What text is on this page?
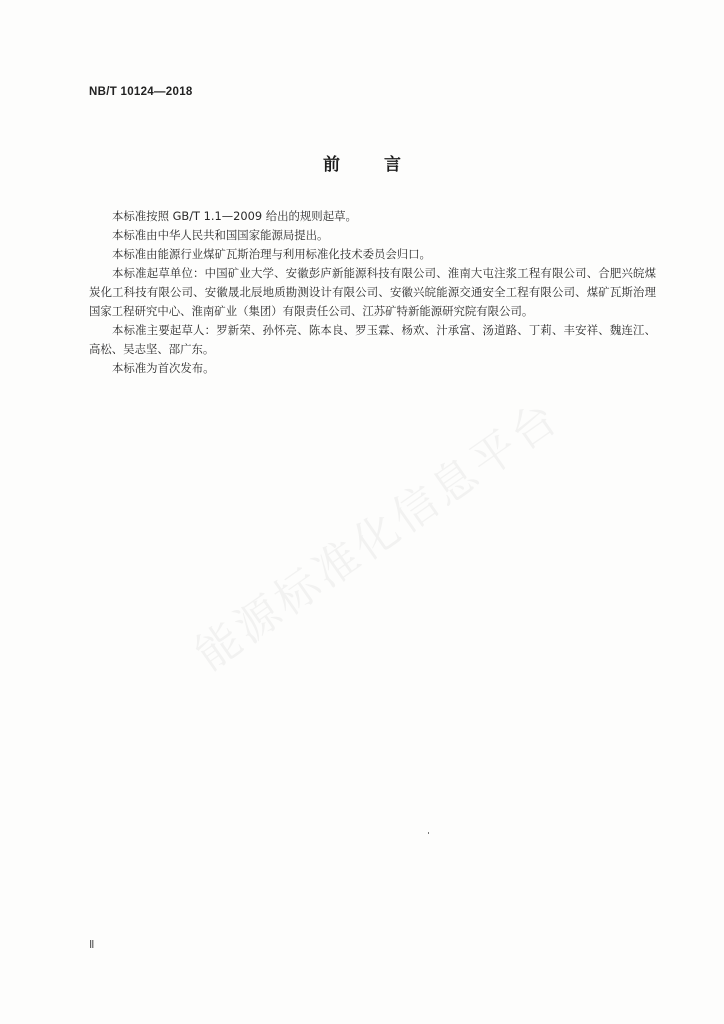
NB/T 10124—2018
前	言

本标准按照 GB/T 1.1—2009 给出的规则起草。

本标准由中华人民共和国国家能源局提出。

本标准由能源行业煤矿瓦斯治理与利用标准化技术委员会归口。

本标准起草单位：中国矿业大学、安徽彭庐新能源科技有限公司、淮南大屯注浆工程有限公司、合肥兴皖煤炭化工科技有限公司、安徽晟北辰地质勘测设计有限公司、安徽兴皖能源交通安全工程有限公司、煤矿瓦斯治理国家工程研究中心、淮南矿业（集团）有限责任公司、江苏矿特新能源研究院有限公司。

本标准主要起草人：罗新荣、孙怀亮、陈本良、罗玉霖、杨欢、汁承富、汤道路、丁莉、丰安祥、魏连江、高松、吴志坚、邵广东。

本标准为首次发布。

能源标准化信息平台
Ⅱ
